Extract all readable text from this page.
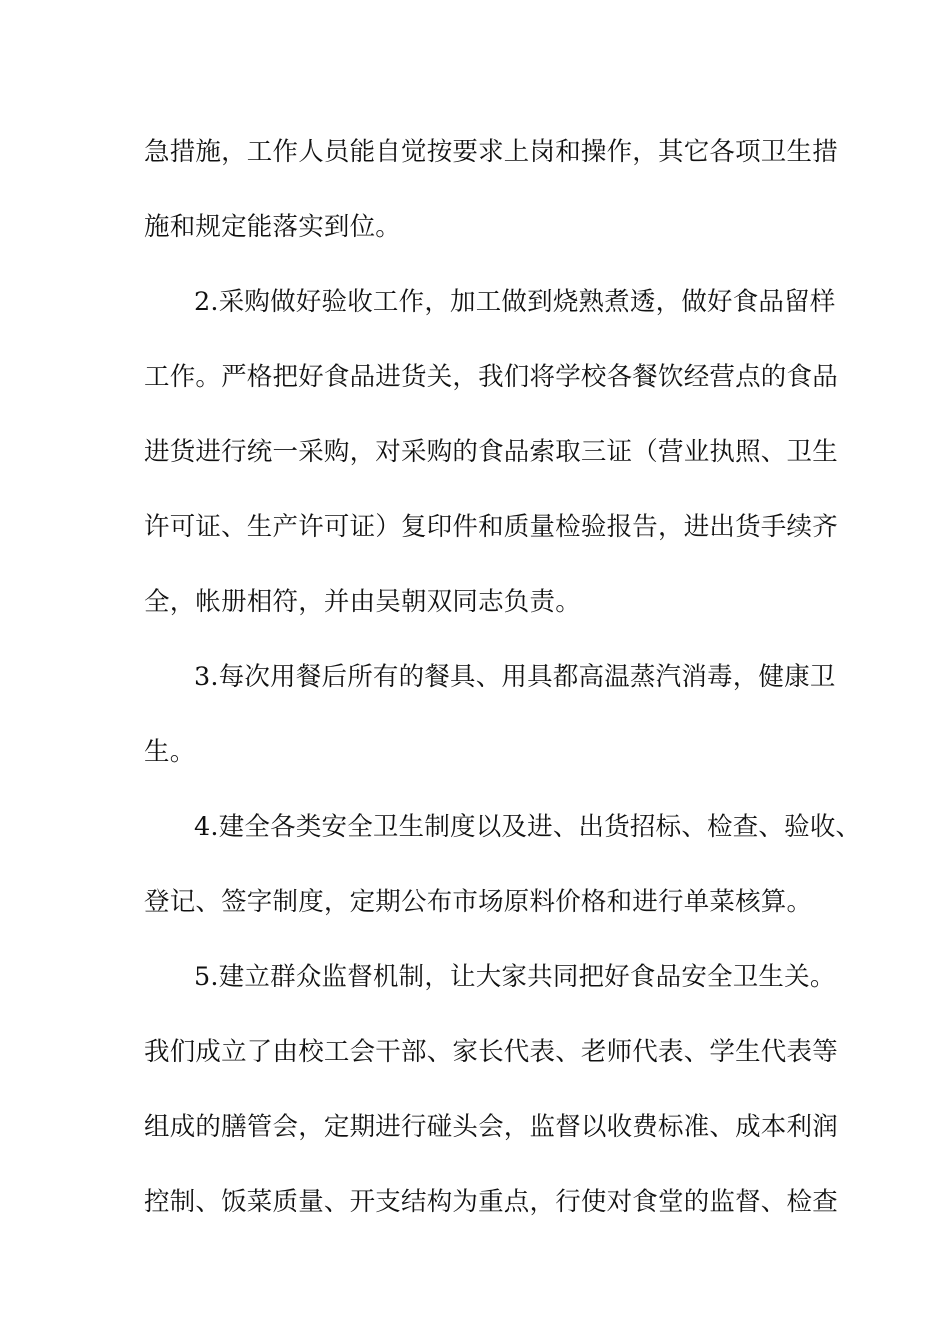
急措施，工作人员能自觉按要求上岗和操作，其它各项卫生措
施和规定能落实到位。
2.采购做好验收工作，加工做到烧熟煮透，做好食品留样
工作。严格把好食品进货关，我们将学校各餐饮经营点的食品
进货进行统一采购，对采购的食品索取三证（营业执照、卫生
许可证、生产许可证）复印件和质量检验报告，进出货手续齐
全，帐册相符，并由吴朝双同志负责。
3.每次用餐后所有的餐具、用具都高温蒸汽消毒，健康卫
生。
4.建全各类安全卫生制度以及进、出货招标、检查、验收、
登记、签字制度，定期公布市场原料价格和进行单菜核算。
5.建立群众监督机制，让大家共同把好食品安全卫生关。
我们成立了由校工会干部、家长代表、老师代表、学生代表等
组成的膳管会，定期进行碰头会，监督以收费标准、成本利润
控制、饭菜质量、开支结构为重点，行使对食堂的监督、检查
